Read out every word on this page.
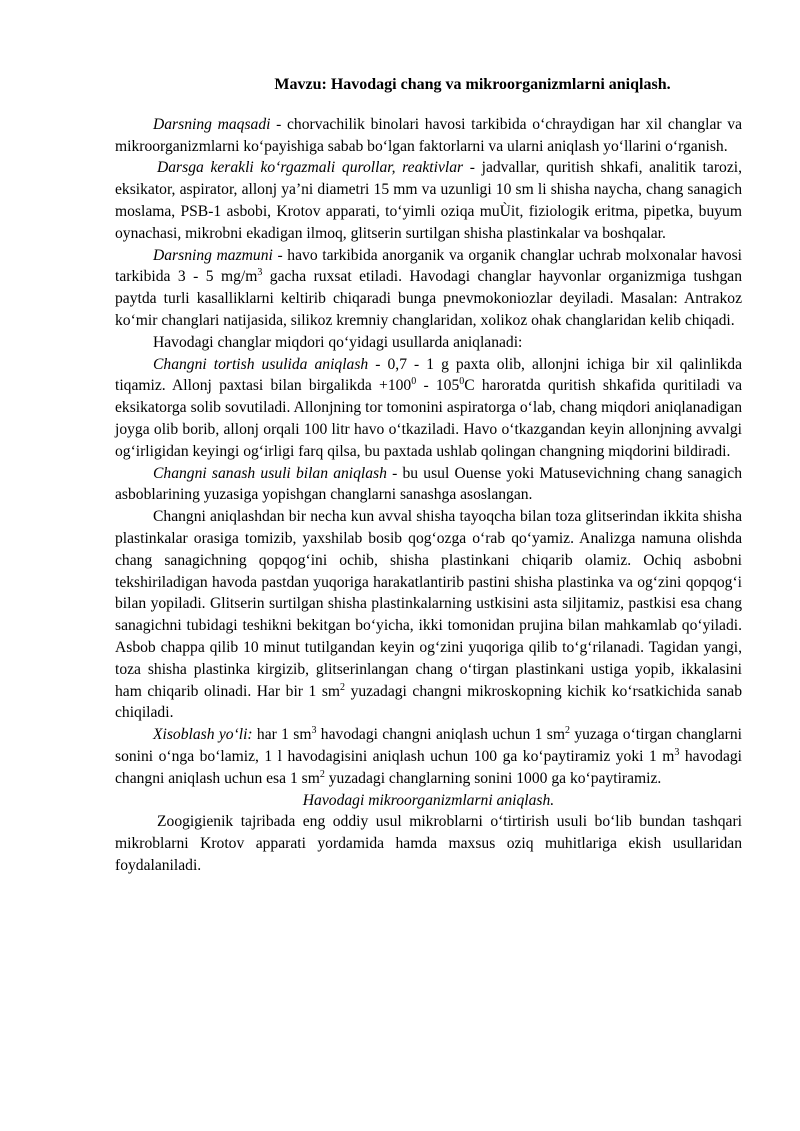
Mavzu: Havodagi chang va mikroorganizmlarni aniqlash.

Darsning maqsadi - chorvachilik binolari havosi tarkibida o‘chraydigan har xil changlar va mikroorganizmlarni ko‘payishiga sabab bo‘lgan faktorlarni va ularni aniqlash yo‘llarini o‘rganish.

Darsga kerakli ko‘rgazmali qurollar, reaktivlar - jadvallar, quritish shkafi, analitik tarozi, eksikator, aspirator, allonj ya’ni diametri 15 mm va uzunligi 10 sm li shisha naycha, chang sanagich moslama, PSB-1 asbobi, Krotov apparati, to‘yimli oziqa muÙit, fiziologik eritma, pipetka, buyum oynachasi, mikrobni ekadigan ilmoq, glitserin surtilgan shisha plastinkalar va boshqalar.

Darsning mazmuni - havo tarkibida anorganik va organik changlar uchrab molxonalar havosi tarkibida 3 - 5 $mg/m^3$ gacha ruxsat etiladi. Havodagi changlar hayvonlar organizmiga tushgan paytda turli kasalliklarni keltirib chiqaradi bunga pnevmokoniozlar deyiladi. Masalan: Antrakoz ko‘mir changlari natijasida, silikoz kremniy changlaridan, xolikoz ohak changlaridan kelib chiqadi.

Havodagi changlar miqdori qo‘yidagi usullarda aniqlanadi:

Changni tortish usulida aniqlash - 0,7 - 1 g paxta olib, allonjni ichiga bir xil qalinlikda tiqamiz. Allonj paxtasi bilan birgalikda $+100^0 - 105^0C$ haroratda quritish shkafida quritiladi va eksikatorga solib sovutiladi. Allonjning tor tomonini aspiratorga o‘lab, chang miqdori aniqlanadigan joyga olib borib, allonj orqali 100 litr havo o‘tkaziladi. Havo o‘tkazgandan keyin allonjning avvalgi og‘irligidan keyingi og‘irligi farq qilsa, bu paxtada ushlab qolingan changning miqdorini bildiradi.

Changni sanash usuli bilan aniqlash - bu usul Ouense yoki Matusevichning chang sanagich asboblarining yuzasiga yopishgan changlarni sanashga asoslangan.

Changni aniqlashdan bir necha kun avval shisha tayoqcha bilan toza glitserindan ikkita shisha plastinkalar orasiga tomizib, yaxshilab bosib qog‘ozga o‘rab qo‘yamiz. Analizga namuna olishda chang sanagichning qopqog‘ini ochib, shisha plastinkani chiqarib olamiz. Ochiq asbobni tekshiriladigan havoda pastdan yuqoriga harakatlantirib pastini shisha plastinka va og‘zini qopqog‘i bilan yopiladi. Glitserin surtilgan shisha plastinkalarning ustkisini asta siljitamiz, pastkisi esa chang sanagichni tubidagi teshikni bekitgan bo‘yicha, ikki tomonidan prujina bilan mahkamlab qo‘yiladi. Asbob chappa qilib 10 minut tutilgandan keyin og‘zini yuqoriga qilib to‘g‘rilanadi. Tagidan yangi, toza shisha plastinka kirgizib, glitserinlangan chang o‘tirgan plastinkani ustiga yopib, ikkalasini ham chiqarib olinadi. Har bir 1 $sm^2$ yuzadagi changni mikroskopning kichik ko‘rsatkichida sanab chiqiladi.

Xisoblash yo‘li: har 1 $sm^3$ havodagi changni aniqlash uchun 1 $sm^2$ yuzaga o‘tirgan changlarni sonini o‘nga bo‘lamiz, 1 l havodagisini aniqlash uchun 100 ga ko‘paytiramiz yoki 1 $m^3$ havodagi changni aniqlash uchun esa 1 $sm^2$ yuzadagi changlarning sonini 1000 ga ko‘paytiramiz.

Havodagi mikroorganizmlarni aniqlash.

Zoogigienik tajribada eng oddiy usul mikroblarni o‘tirtirish usuli bo‘lib bundan tashqari mikroblarni Krotov apparati yordamida hamda maxsus oziq muhitlariga ekish usullaridan foydalaniladi.
